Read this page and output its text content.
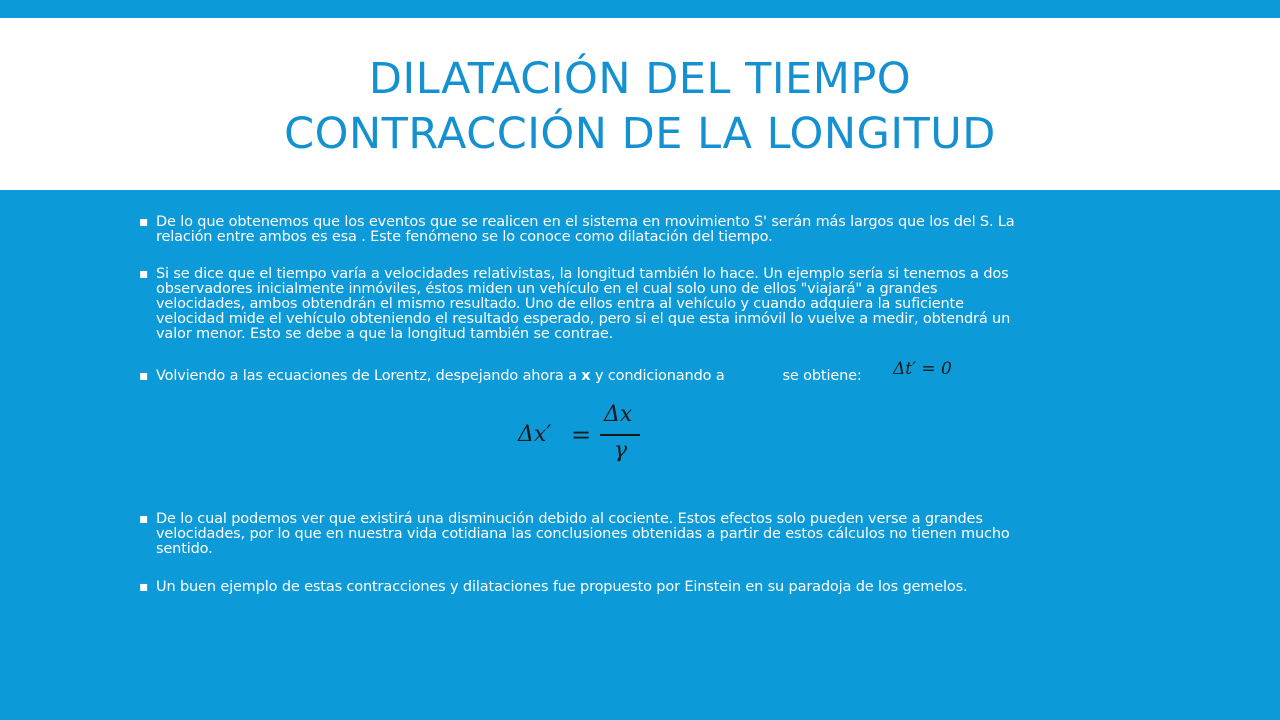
DILATACIÓN DEL TIEMPO
CONTRACCIÓN DE LA LONGITUD
▪ De lo que obtenemos que los eventos que se realicen en el sistema en movimiento S' serán más largos que los del S. La
relación entre ambos es esa . Este fenómeno se lo conoce como dilatación del tiempo.
▪ Si se dice que el tiempo varía a velocidades relativistas, la longitud también lo hace. Un ejemplo sería si tenemos a dos
observadores inicialmente inmóviles, éstos miden un vehículo en el cual solo uno de ellos "viajará" a grandes
velocidades, ambos obtendrán el mismo resultado. Uno de ellos entra al vehículo y cuando adquiera la suficiente
velocidad mide el vehículo obteniendo el resultado esperado, pero si el que esta inmóvil lo vuelve a medir, obtendrá un
valor menor. Esto se debe a que la longitud también se contrae.
▪ Volviendo a las ecuaciones de Lorentz, despejando ahora a x y condicionando a             se obtiene:	Δt′ = 0
Δx′ =
Δx
γ
▪ De lo cual podemos ver que existirá una disminución debido al cociente. Estos efectos solo pueden verse a grandes
velocidades, por lo que en nuestra vida cotidiana las conclusiones obtenidas a partir de estos cálculos no tienen mucho
sentido.
▪ Un buen ejemplo de estas contracciones y dilataciones fue propuesto por Einstein en su paradoja de los gemelos.
